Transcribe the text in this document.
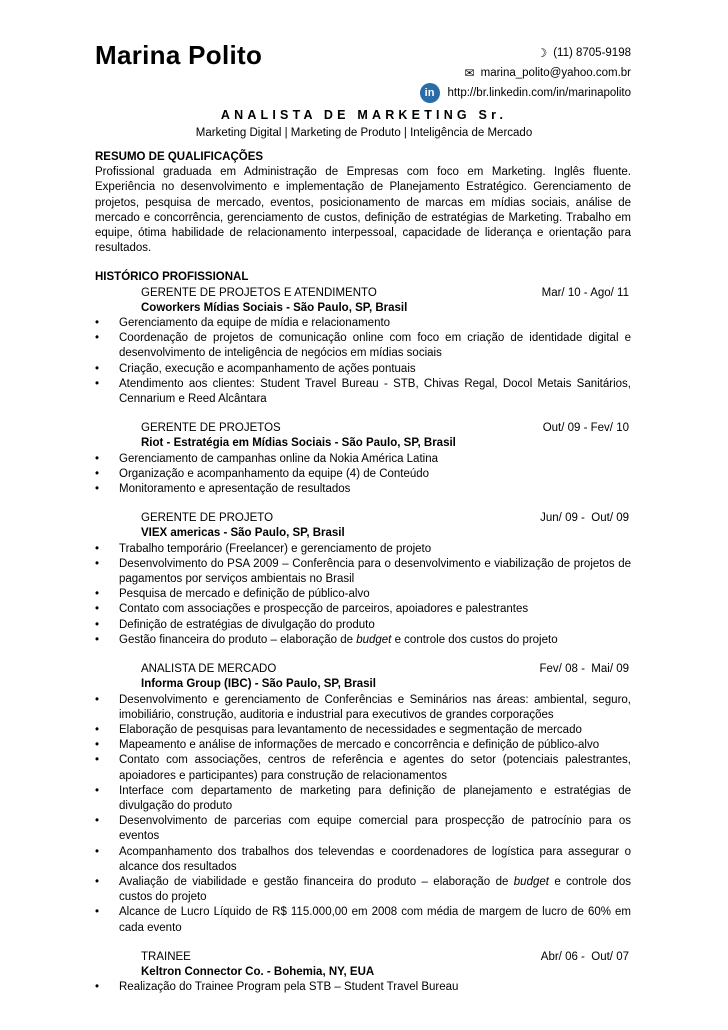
Marina Polito	☽ (11) 8705-9198
✉ marina_polito@yahoo.com.br
in	http://br.linkedin.com/in/marinapolito
ANALISTA DE MARKETING Sr.
Marketing Digital | Marketing de Produto | Inteligência de Mercado

RESUMO DE QUALIFICAÇÕES

Profissional graduada em Administração de Empresas com foco em Marketing. Inglês fluente. Experiência no desenvolvimento e implementação de Planejamento Estratégico. Gerenciamento de projetos, pesquisa de mercado, eventos, posicionamento de marcas em mídias sociais, análise de mercado e concorrência, gerenciamento de custos, definição de estratégias de Marketing. Trabalho em equipe, ótima habilidade de relacionamento interpessoal, capacidade de liderança e orientação para resultados.

HISTÓRICO PROFISSIONAL

GERENTE DE PROJETOS E ATENDIMENTO	Mar/ 10 - Ago/ 11
Coworkers Mídias Sociais - São Paulo, SP, Brasil
•	Gerenciamento da equipe de mídia e relacionamento
•	Coordenação de projetos de comunicação online com foco em criação de identidade digital e desenvolvimento de inteligência de negócios em mídias sociais
•	Criação, execução e acompanhamento de ações pontuais
•	Atendimento aos clientes: Student Travel Bureau - STB, Chivas Regal, Docol Metais Sanitários, Cennarium e Reed Alcântara
GERENTE DE PROJETOS	Out/ 09 - Fev/ 10
Riot - Estratégia em Mídias Sociais - São Paulo, SP, Brasil
•	Gerenciamento de campanhas online da Nokia América Latina
•	Organização e acompanhamento da equipe (4) de Conteúdo
•	Monitoramento e apresentação de resultados
GERENTE DE PROJETO	Jun/ 09 -  Out/ 09
VIEX americas - São Paulo, SP, Brasil
•	Trabalho temporário (Freelancer) e gerenciamento de projeto
•	Desenvolvimento do PSA 2009 – Conferência para o desenvolvimento e viabilização de projetos de pagamentos por serviços ambientais no Brasil
•	Pesquisa de mercado e definição de público-alvo
•	Contato com associações e prospecção de parceiros, apoiadores e palestrantes
•	Definição de estratégias de divulgação do produto
•	Gestão financeira do produto – elaboração de budget e controle dos custos do projeto
ANALISTA DE MERCADO	Fev/ 08 -  Mai/ 09
Informa Group (IBC) - São Paulo, SP, Brasil
•	Desenvolvimento e gerenciamento de Conferências e Seminários nas áreas: ambiental, seguro, imobiliário, construção, auditoria e industrial para executivos de grandes corporações
•	Elaboração de pesquisas para levantamento de necessidades e segmentação de mercado
•	Mapeamento e análise de informações de mercado e concorrência e definição de público-alvo
•	Contato com associações, centros de referência e agentes do setor (potenciais palestrantes, apoiadores e participantes) para construção de relacionamentos
•	Interface com departamento de marketing para definição de planejamento e estratégias de divulgação do produto
•	Desenvolvimento de parcerias com equipe comercial para prospecção de patrocínio para os eventos
•	Acompanhamento dos trabalhos dos televendas e coordenadores de logística para assegurar o alcance dos resultados
•	Avaliação de viabilidade e gestão financeira do produto – elaboração de budget e controle dos custos do projeto
•	Alcance de Lucro Líquido de R$ 115.000,00 em 2008 com média de margem de lucro de 60% em cada evento
TRAINEE	Abr/ 06 -  Out/ 07
Keltron Connector Co. - Bohemia, NY, EUA
•	Realização do Trainee Program pela STB – Student Travel Bureau
